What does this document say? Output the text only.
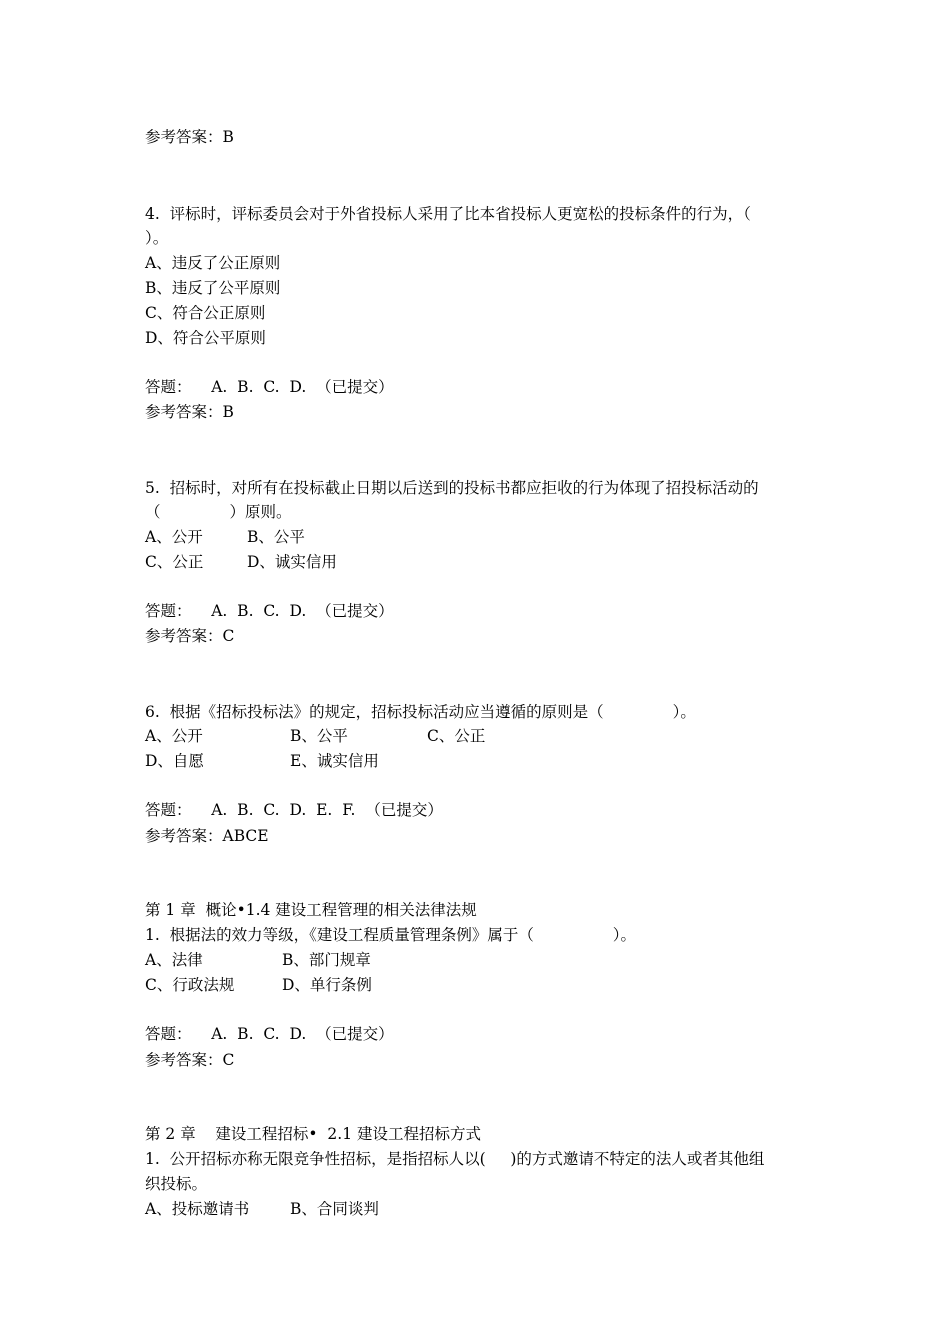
参考答案：B
4.  评标时，评标委员会对于外省投标人采用了比本省投标人更宽松的投标条件的行为，（
）。
A、违反了公正原则
B、违反了公平原则
C、符合公正原则
D、符合公平原则
答题：    A.  B.  C.  D.  （已提交）
参考答案：B
5.  招标时，对所有在投标截止日期以后送到的投标书都应拒收的行为体现了招投标活动的
（              ）原则。
A、公开	B、公平
C、公正	D、诚实信用
答题：    A.  B.  C.  D.  （已提交）
参考答案：C
6.  根据《招标投标法》的规定，招标投标活动应当遵循的原则是（              ）。
A、公开	B、公平	C、公正
D、自愿	E、诚实信用
答题：    A.  B.  C.  D.  E.  F.  （已提交）
参考答案：ABCE
第 1 章  概论•1.4 建设工程管理的相关法律法规
1.  根据法的效力等级，《建设工程质量管理条例》属于（                ）。
A、法律	B、部门规章
C、行政法规	D、单行条例
答题：    A.  B.  C.  D.  （已提交）
参考答案：C
第 2 章    建设工程招标•  2.1 建设工程招标方式
1.  公开招标亦称无限竞争性招标，是指招标人以(     )的方式邀请不特定的法人或者其他组
织投标。
A、投标邀请书	B、合同谈判
